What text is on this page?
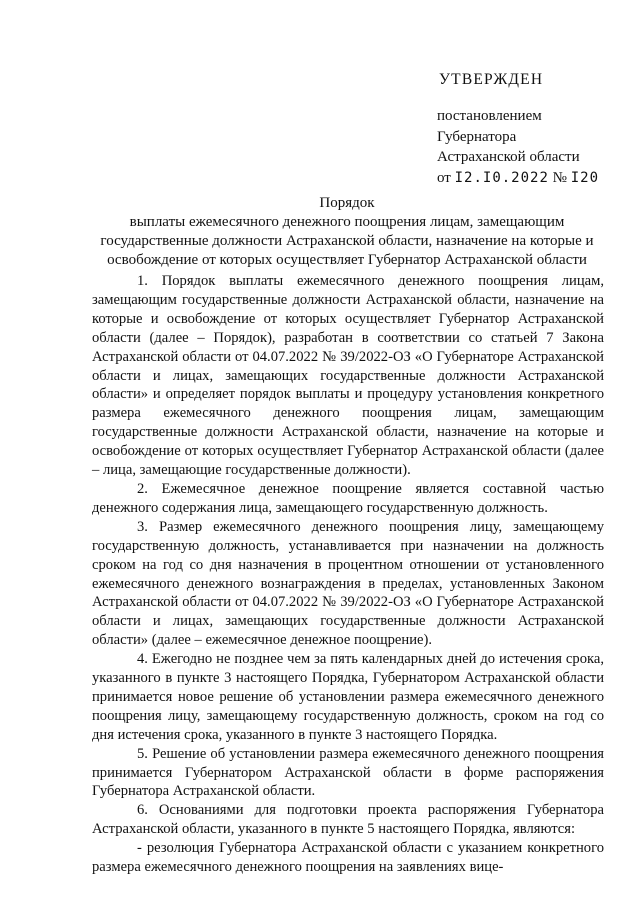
УТВЕРЖДЕН
постановлением
Губернатора
Астраханской области
от I2.I0.2022 № I20
Порядок
выплаты ежемесячного денежного поощрения лицам, замещающим государственные должности Астраханской области, назначение на которые и освобождение от которых осуществляет Губернатор Астраханской области

1. Порядок выплаты ежемесячного денежного поощрения лицам, замещающим государственные должности Астраханской области, назначение на которые и освобождение от которых осуществляет Губернатор Астраханской области (далее – Порядок), разработан в соответствии со статьей 7 Закона Астраханской области от 04.07.2022 № 39/2022-ОЗ «О Губернаторе Астраханской области и лицах, замещающих государственные должности Астраханской области» и определяет порядок выплаты и процедуру установления конкретного размера ежемесячного денежного поощрения лицам, замещающим государственные должности Астраханской области, назначение на которые и освобождение от которых осуществляет Губернатор Астраханской области (далее – лица, замещающие государственные должности).

2. Ежемесячное денежное поощрение является составной частью денежного содержания лица, замещающего государственную должность.

3. Размер ежемесячного денежного поощрения лицу, замещающему государственную должность, устанавливается при назначении на должность сроком на год со дня назначения в процентном отношении от установленного ежемесячного денежного вознаграждения в пределах, установленных Законом Астраханской области от 04.07.2022 № 39/2022-ОЗ «О Губернаторе Астраханской области и лицах, замещающих государственные должности Астраханской области» (далее – ежемесячное денежное поощрение).

4. Ежегодно не позднее чем за пять календарных дней до истечения срока, указанного в пункте 3 настоящего Порядка, Губернатором Астраханской области принимается новое решение об установлении размера ежемесячного денежного поощрения лицу, замещающему государственную должность, сроком на год со дня истечения срока, указанного в пункте 3 настоящего Порядка.

5. Решение об установлении размера ежемесячного денежного поощрения принимается Губернатором Астраханской области в форме распоряжения Губернатора Астраханской области.

6. Основаниями для подготовки проекта распоряжения Губернатора Астраханской области, указанного в пункте 5 настоящего Порядка, являются:

- резолюция Губернатора Астраханской области с указанием конкретного размера ежемесячного денежного поощрения на заявлениях вице-
